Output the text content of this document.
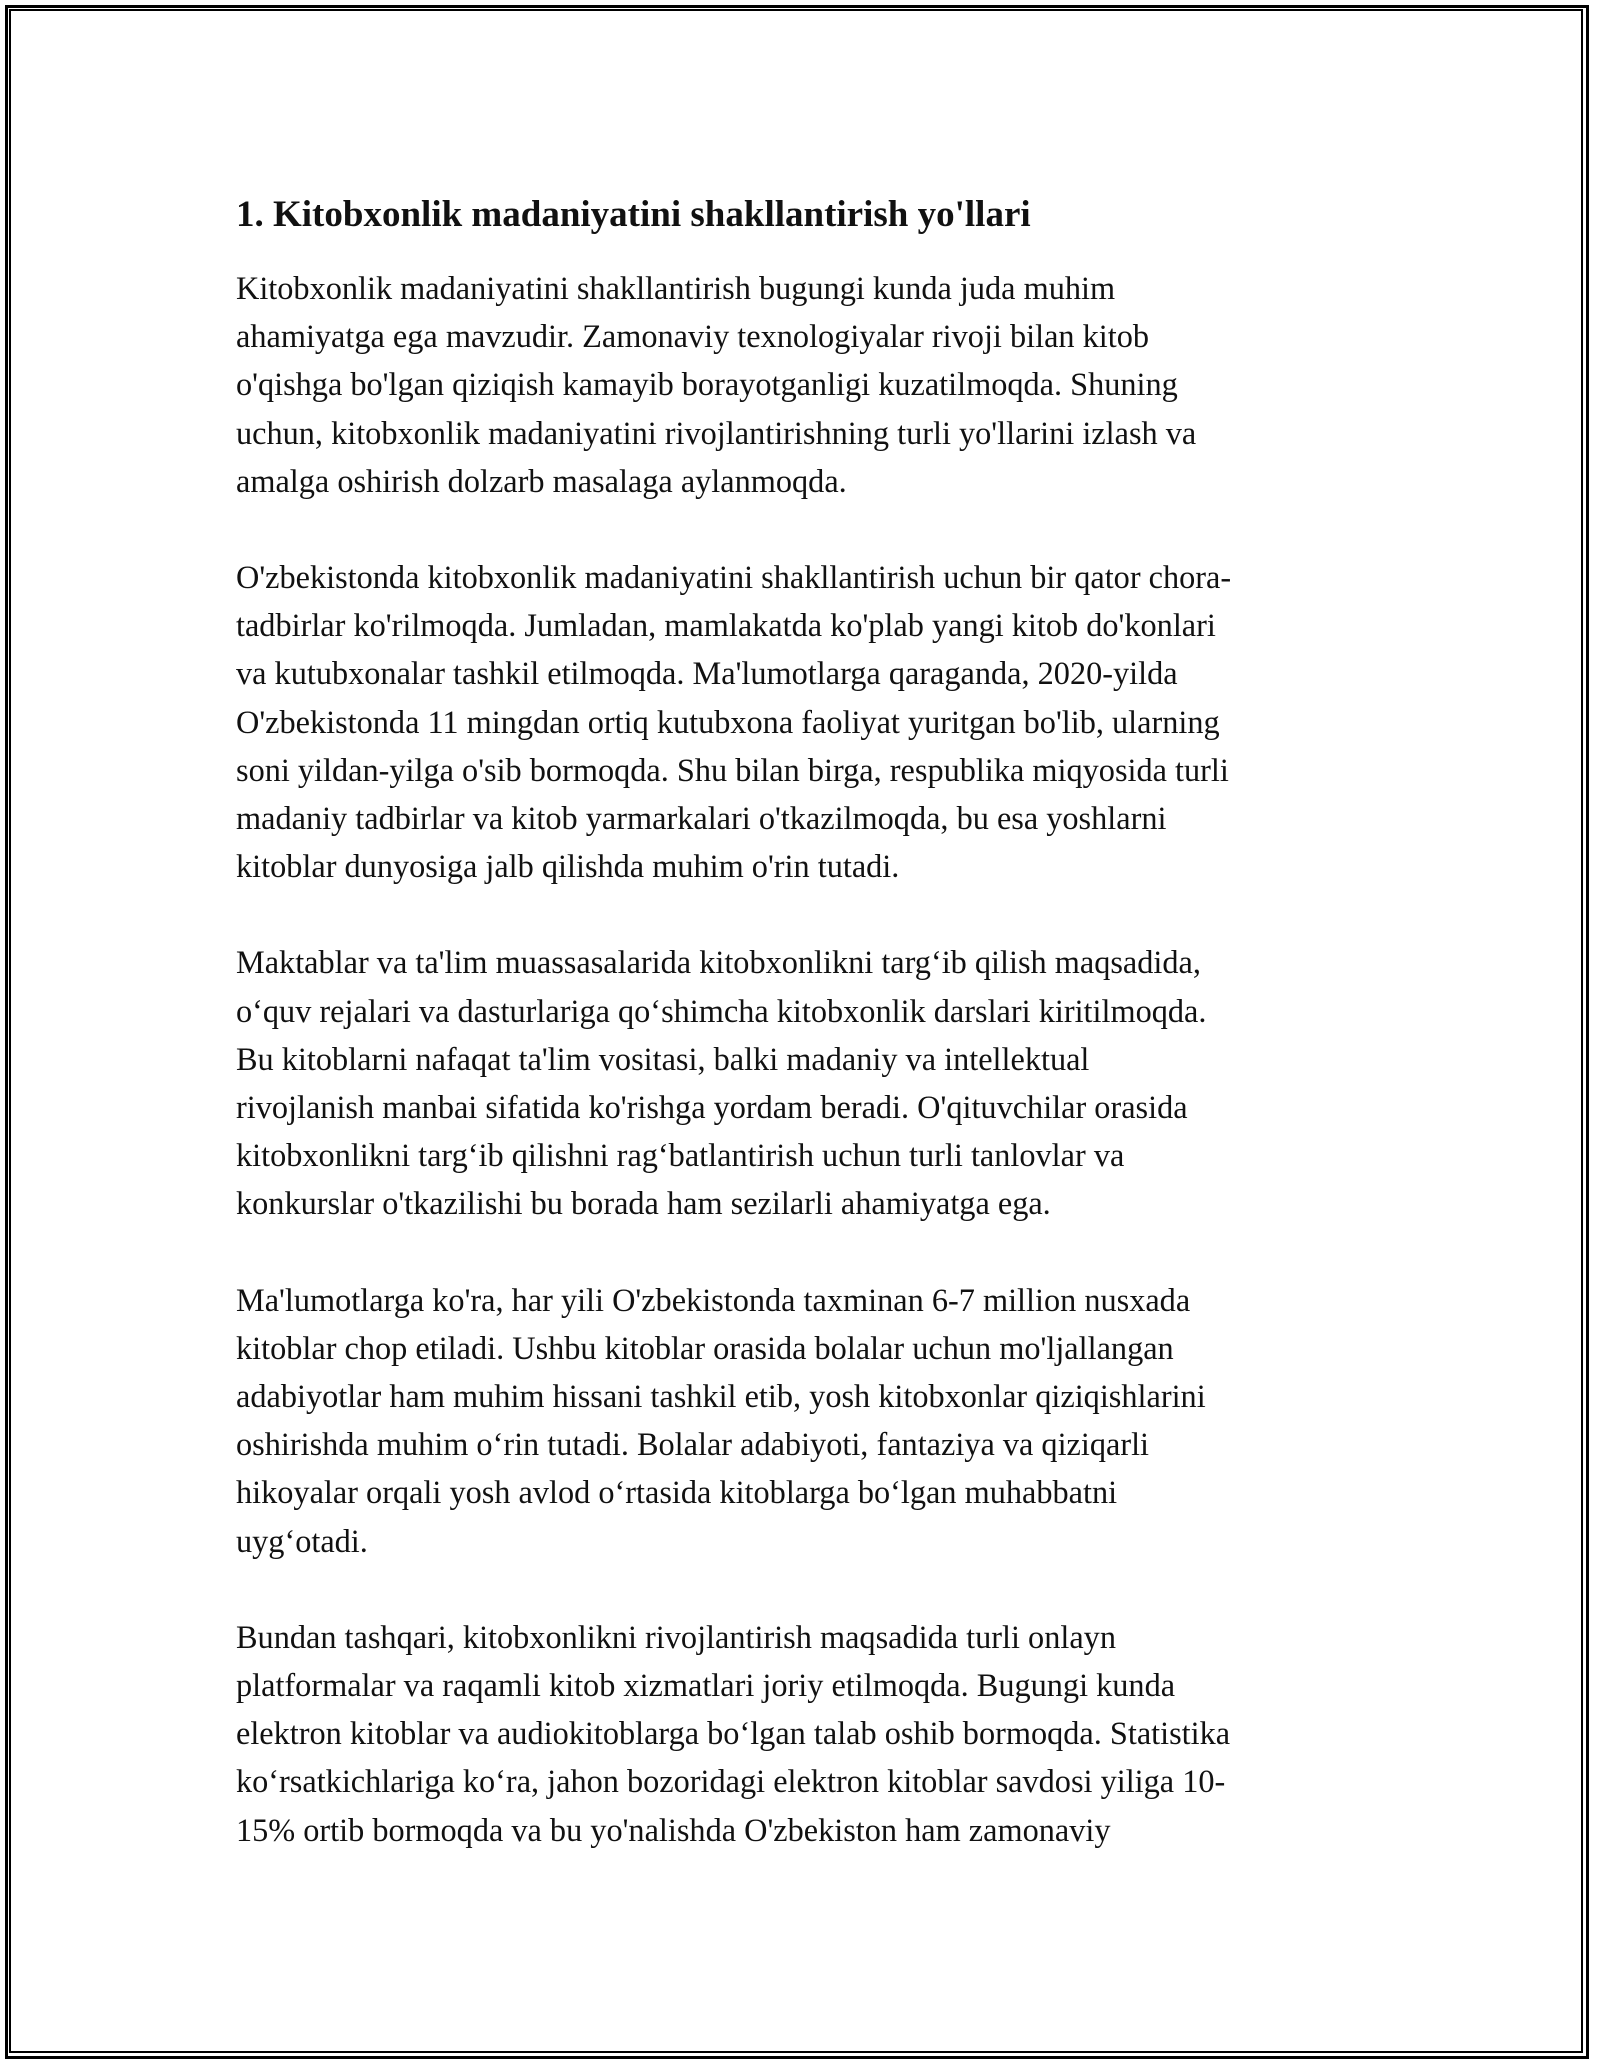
1. Kitobxonlik madaniyatini shakllantirish yo'llari

Kitobxonlik madaniyatini shakllantirish bugungi kunda juda muhim
ahamiyatga ega mavzudir. Zamonaviy texnologiyalar rivoji bilan kitob
o'qishga bo'lgan qiziqish kamayib borayotganligi kuzatilmoqda. Shuning
uchun, kitobxonlik madaniyatini rivojlantirishning turli yo'llarini izlash va
amalga oshirish dolzarb masalaga aylanmoqda.

O'zbekistonda kitobxonlik madaniyatini shakllantirish uchun bir qator chora-
tadbirlar ko'rilmoqda. Jumladan, mamlakatda ko'plab yangi kitob do'konlari
va kutubxonalar tashkil etilmoqda. Ma'lumotlarga qaraganda, 2020-yilda
O'zbekistonda 11 mingdan ortiq kutubxona faoliyat yuritgan bo'lib, ularning
soni yildan-yilga o'sib bormoqda. Shu bilan birga, respublika miqyosida turli
madaniy tadbirlar va kitob yarmarkalari o'tkazilmoqda, bu esa yoshlarni
kitoblar dunyosiga jalb qilishda muhim o'rin tutadi.

Maktablar va ta'lim muassasalarida kitobxonlikni targ‘ib qilish maqsadida,
o‘quv rejalari va dasturlariga qo‘shimcha kitobxonlik darslari kiritilmoqda.
Bu kitoblarni nafaqat ta'lim vositasi, balki madaniy va intellektual
rivojlanish manbai sifatida ko'rishga yordam beradi. O'qituvchilar orasida
kitobxonlikni targ‘ib qilishni rag‘batlantirish uchun turli tanlovlar va
konkurslar o'tkazilishi bu borada ham sezilarli ahamiyatga ega.

Ma'lumotlarga ko'ra, har yili O'zbekistonda taxminan 6-7 million nusxada
kitoblar chop etiladi. Ushbu kitoblar orasida bolalar uchun mo'ljallangan
adabiyotlar ham muhim hissani tashkil etib, yosh kitobxonlar qiziqishlarini
oshirishda muhim o‘rin tutadi. Bolalar adabiyoti, fantaziya va qiziqarli
hikoyalar orqali yosh avlod o‘rtasida kitoblarga bo‘lgan muhabbatni
uyg‘otadi.

Bundan tashqari, kitobxonlikni rivojlantirish maqsadida turli onlayn
platformalar va raqamli kitob xizmatlari joriy etilmoqda. Bugungi kunda
elektron kitoblar va audiokitoblarga bo‘lgan talab oshib bormoqda. Statistika
ko‘rsatkichlariga ko‘ra, jahon bozoridagi elektron kitoblar savdosi yiliga 10-
15% ortib bormoqda va bu yo'nalishda O'zbekiston ham zamonaviy
